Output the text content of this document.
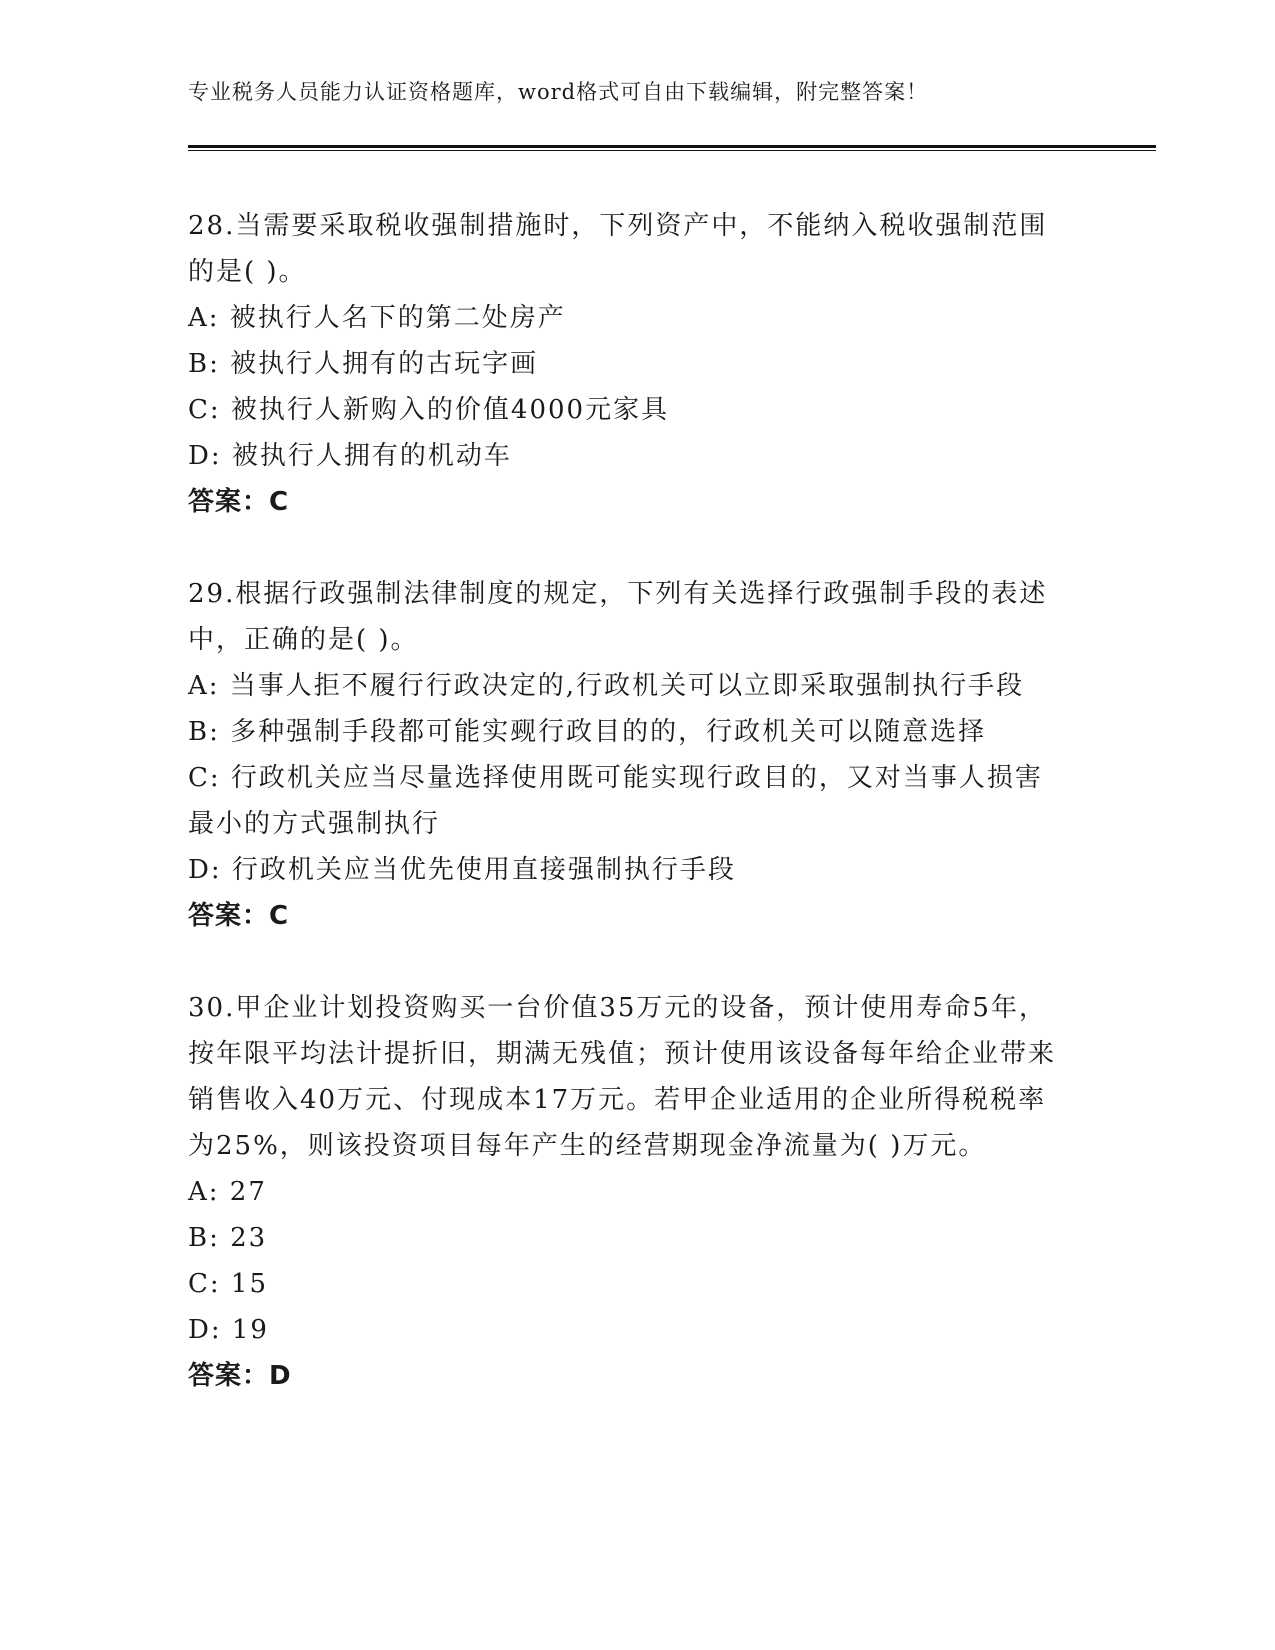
专业税务人员能力认证资格题库，word格式可自由下载编辑，附完整答案！

28.当需要采取税收强制措施时，下列资产中，不能纳入税收强制范围的是( )。

A: 被执行人名下的第二处房产

B: 被执行人拥有的古玩字画

C: 被执行人新购入的价值4000元家具

D: 被执行人拥有的机动车

答案：C

29.根据行政强制法律制度的规定，下列有关选择行政强制手段的表述中，正确的是( )。

A: 当事人拒不履行行政决定的,行政机关可以立即采取强制执行手段

B: 多种强制手段都可能实觋行政目的的，行政机关可以随意选择

C: 行政机关应当尽量选择使用既可能实现行政目的，又对当事人损害最小的方式强制执行

D: 行政机关应当优先使用直接强制执行手段

答案：C

30.甲企业计划投资购买一台价值35万元的设备，预计使用寿命5年，按年限平均法计提折旧，期满无残值；预计使用该设备每年给企业带来销售收入40万元、付现成本17万元。若甲企业适用的企业所得税税率为25%，则该投资项目每年产生的经营期现金净流量为( )万元。

A: 27

B: 23

C: 15

D: 19

答案：D
